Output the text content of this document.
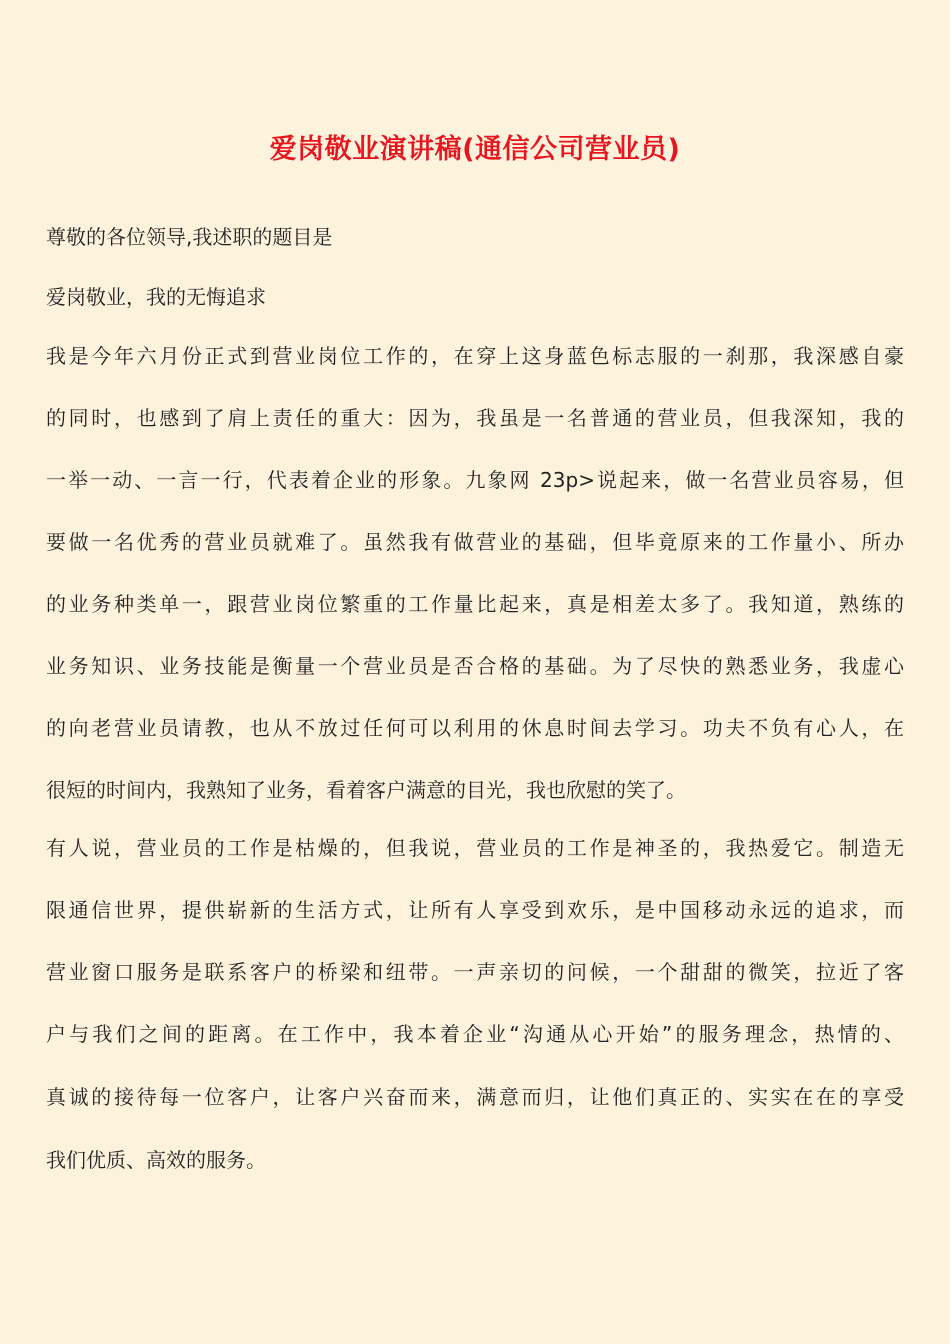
爱岗敬业演讲稿(通信公司营业员)
尊敬的各位领导,我述职的题目是
爱岗敬业，我的无悔追求
我是今年六月份正式到营业岗位工作的，在穿上这身蓝色标志服的一刹那，我深感自豪
的同时，也感到了肩上责任的重大：因为，我虽是一名普通的营业员，但我深知，我的
一举一动、一言一行，代表着企业的形象。九象网 23p>说起来，做一名营业员容易，但
要做一名优秀的营业员就难了。虽然我有做营业的基础，但毕竟原来的工作量小、所办
的业务种类单一，跟营业岗位繁重的工作量比起来，真是相差太多了。我知道，熟练的
业务知识、业务技能是衡量一个营业员是否合格的基础。为了尽快的熟悉业务，我虚心
的向老营业员请教，也从不放过任何可以利用的休息时间去学习。功夫不负有心人，在
很短的时间内，我熟知了业务，看着客户满意的目光，我也欣慰的笑了。
有人说，营业员的工作是枯燥的，但我说，营业员的工作是神圣的，我热爱它。制造无
限通信世界，提供崭新的生活方式，让所有人享受到欢乐，是中国移动永远的追求，而
营业窗口服务是联系客户的桥梁和纽带。一声亲切的问候，一个甜甜的微笑，拉近了客
户与我们之间的距离。在工作中，我本着企业“沟通从心开始”的服务理念，热情的、
真诚的接待每一位客户，让客户兴奋而来，满意而归，让他们真正的、实实在在的享受
我们优质、高效的服务。
